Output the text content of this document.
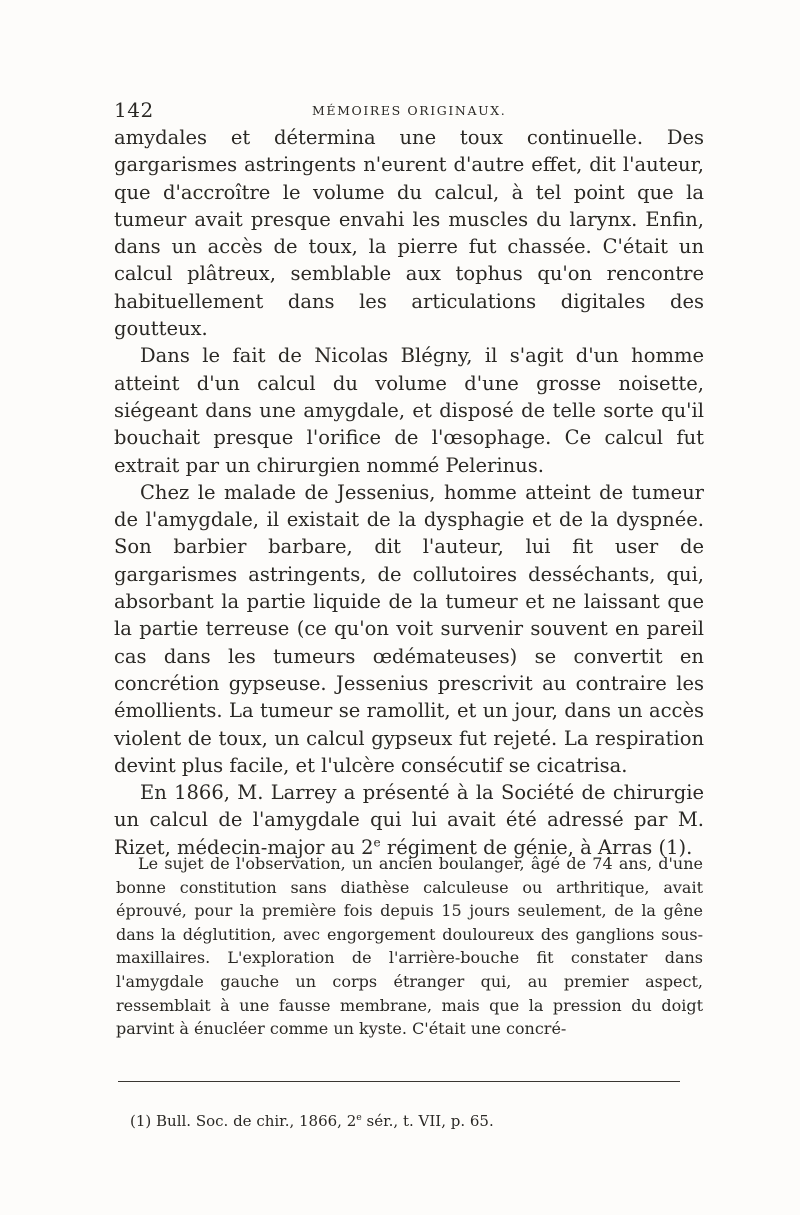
142	MÉMOIRES ORIGINAUX.

amydales et détermina une toux continuelle. Des gargarismes astringents n'eurent d'autre effet, dit l'auteur, que d'accroître le volume du calcul, à tel point que la tumeur avait presque envahi les muscles du larynx. Enfin, dans un accès de toux, la pierre fut chassée. C'était un calcul plâtreux, semblable aux tophus qu'on rencontre habituellement dans les articulations digitales des goutteux.

Dans le fait de Nicolas Blégny, il s'agit d'un homme atteint d'un calcul du volume d'une grosse noisette, siégeant dans une amygdale, et disposé de telle sorte qu'il bouchait presque l'orifice de l'œsophage. Ce calcul fut extrait par un chirurgien nommé Pelerinus.

Chez le malade de Jessenius, homme atteint de tumeur de l'amygdale, il existait de la dysphagie et de la dyspnée. Son barbier barbare, dit l'auteur, lui fit user de gargarismes astringents, de collutoires desséchants, qui, absorbant la partie liquide de la tumeur et ne laissant que la partie terreuse (ce qu'on voit survenir souvent en pareil cas dans les tumeurs œdémateuses) se convertit en concrétion gypseuse. Jessenius prescrivit au contraire les émollients. La tumeur se ramollit, et un jour, dans un accès violent de toux, un calcul gypseux fut rejeté. La respiration devint plus facile, et l'ulcère consécutif se cicatrisa.

En 1866, M. Larrey a présenté à la Société de chirurgie un calcul de l'amygdale qui lui avait été adressé par M. Rizet, médecin-major au 2e régiment de génie, à Arras (1).

Le sujet de l'observation, un ancien boulanger, âgé de 74 ans, d'une bonne constitution sans diathèse calculeuse ou arthritique, avait éprouvé, pour la première fois depuis 15 jours seulement, de la gêne dans la déglutition, avec engorgement douloureux des ganglions sous-maxillaires. L'exploration de l'arrière-bouche fit constater dans l'amygdale gauche un corps étranger qui, au premier aspect, ressemblait à une fausse membrane, mais que la pression du doigt parvint à énucléer comme un kyste. C'était une concré-

(1) Bull. Soc. de chir., 1866, 2e sér., t. VII, p. 65.
